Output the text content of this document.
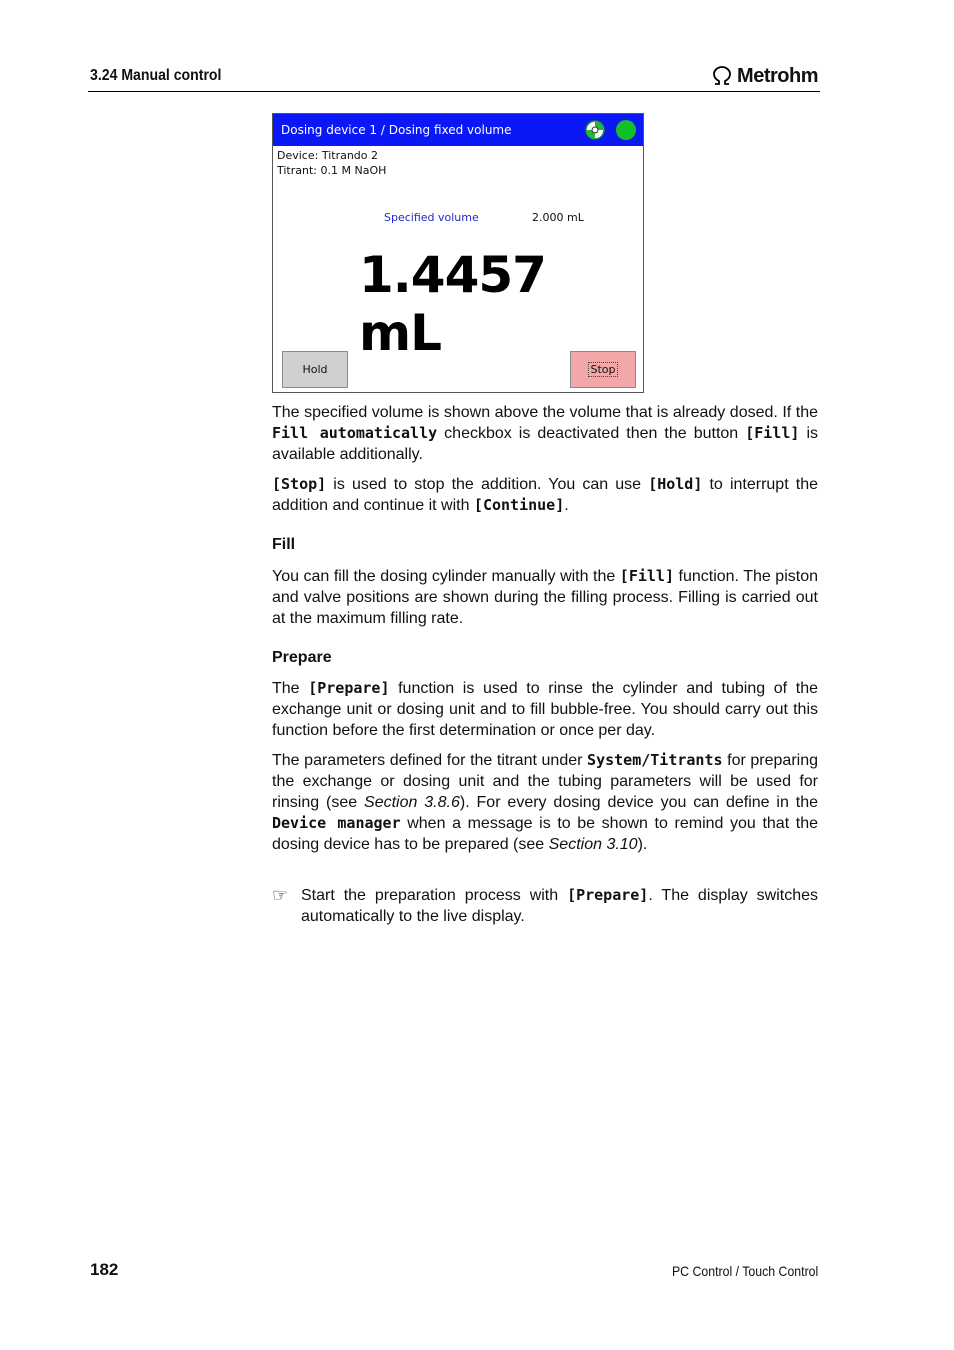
3.24 Manual control	Metrohm
Dosing device 1 / Dosing fixed volume
Device: Titrando 2
Titrant: 0.1 M NaOH
Specified volume	2.000 mL
1.4457 mL
Hold	Stop
The specified volume is shown above the volume that is already dosed. If the Fill automatically checkbox is deactivated then the button [Fill] is available additionally.
[Stop] is used to stop the addition. You can use [Hold] to interrupt the addition and continue it with [Continue].
Fill
You can fill the dosing cylinder manually with the [Fill] function. The piston and valve positions are shown during the filling process. Filling is carried out at the maximum filling rate.
Prepare
The [Prepare] function is used to rinse the cylinder and tubing of the exchange unit or dosing unit and to fill bubble-free. You should carry out this function before the first determination or once per day.
The parameters defined for the titrant under System/Titrants for preparing the exchange or dosing unit and the tubing parameters will be used for rinsing (see Section 3.8.6). For every dosing device you can define in the Device manager when a message is to be shown to remind you that the dosing device has to be prepared (see Section 3.10).
☞ Start the preparation process with [Prepare]. The display switches automatically to the live display.
182	PC Control / Touch Control
